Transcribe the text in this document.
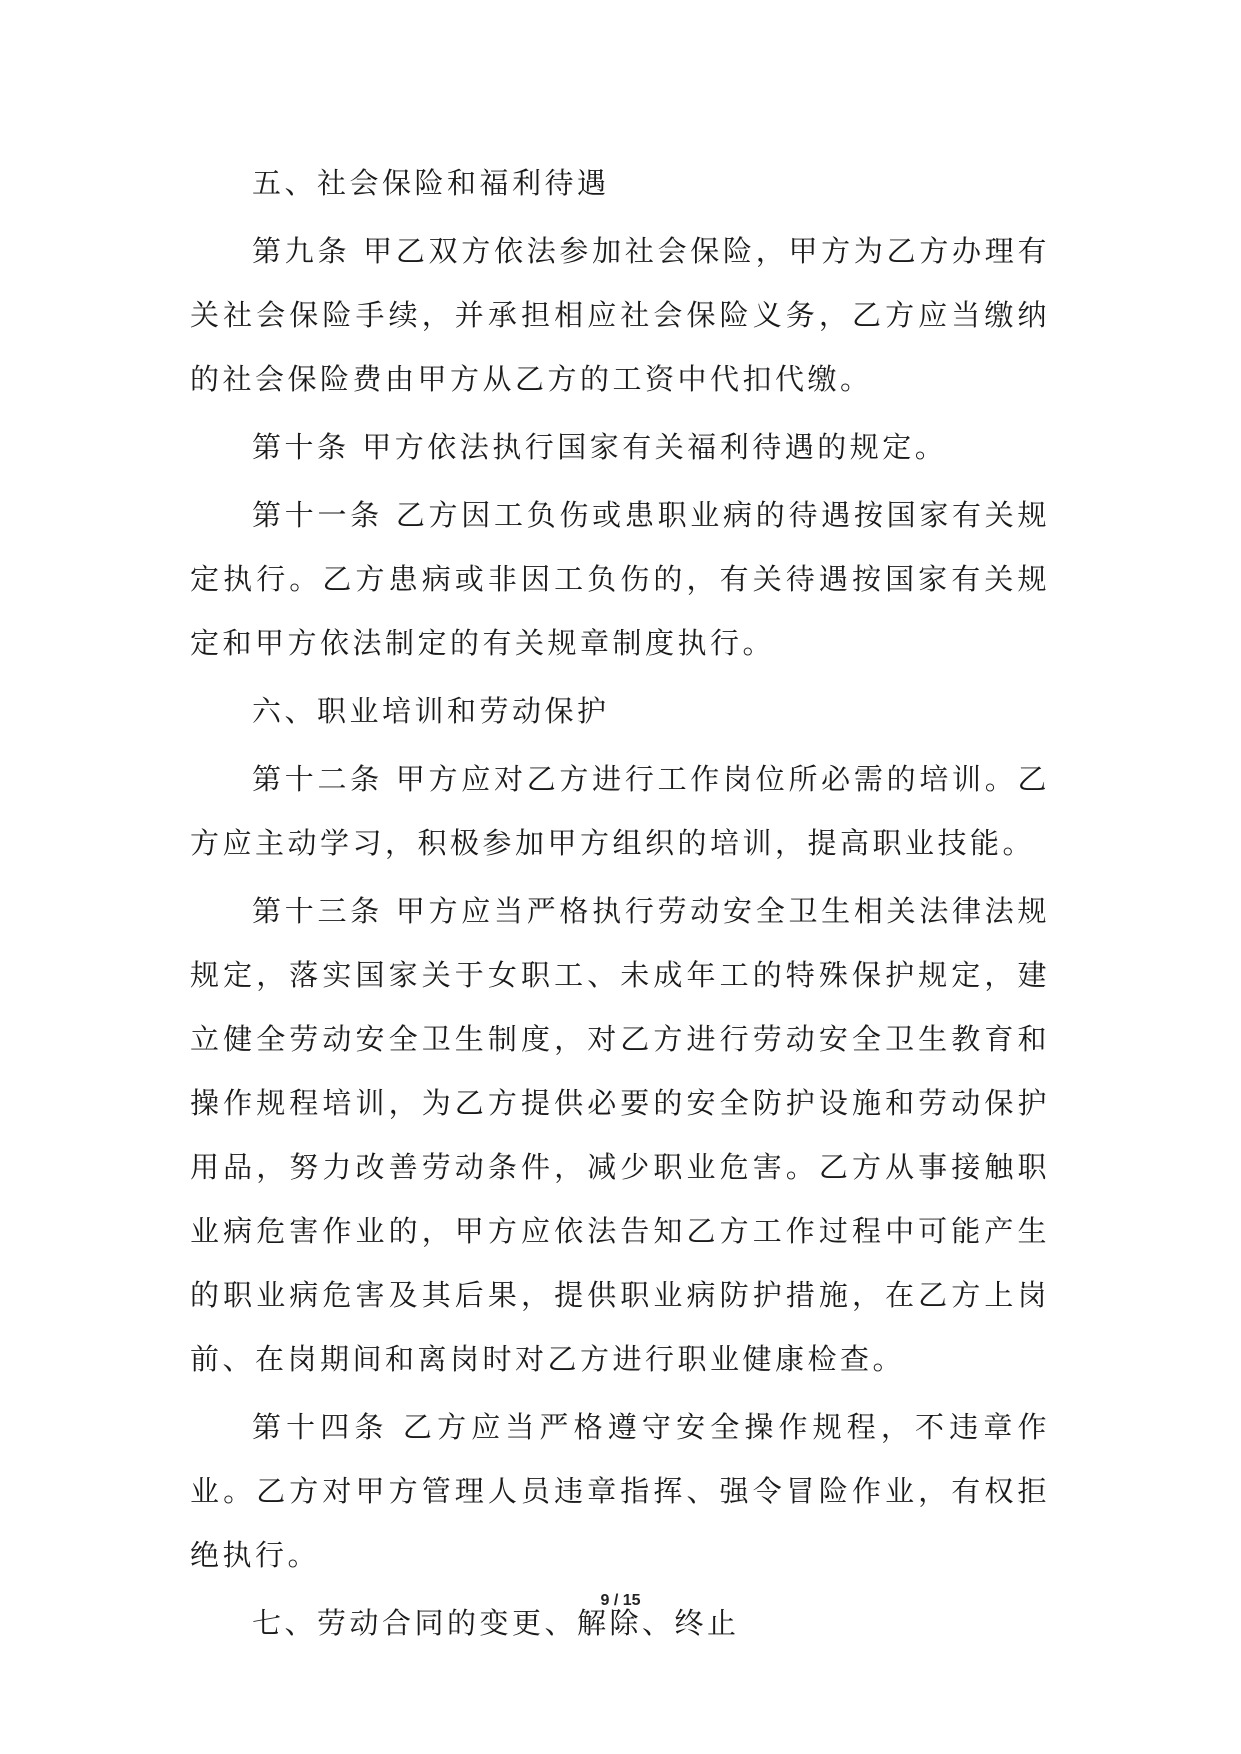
五、社会保险和福利待遇

第九条 甲乙双方依法参加社会保险，甲方为乙方办理有关社会保险手续，并承担相应社会保险义务，乙方应当缴纳的社会保险费由甲方从乙方的工资中代扣代缴。

第十条 甲方依法执行国家有关福利待遇的规定。

第十一条 乙方因工负伤或患职业病的待遇按国家有关规定执行。乙方患病或非因工负伤的，有关待遇按国家有关规定和甲方依法制定的有关规章制度执行。

六、职业培训和劳动保护

第十二条 甲方应对乙方进行工作岗位所必需的培训。乙方应主动学习，积极参加甲方组织的培训，提高职业技能。

第十三条 甲方应当严格执行劳动安全卫生相关法律法规规定，落实国家关于女职工、未成年工的特殊保护规定，建立健全劳动安全卫生制度，对乙方进行劳动安全卫生教育和操作规程培训，为乙方提供必要的安全防护设施和劳动保护用品，努力改善劳动条件，减少职业危害。乙方从事接触职业病危害作业的，甲方应依法告知乙方工作过程中可能产生的职业病危害及其后果，提供职业病防护措施，在乙方上岗前、在岗期间和离岗时对乙方进行职业健康检查。

第十四条 乙方应当严格遵守安全操作规程，不违章作业。乙方对甲方管理人员违章指挥、强令冒险作业，有权拒绝执行。

七、劳动合同的变更、解除、终止

9 / 15
